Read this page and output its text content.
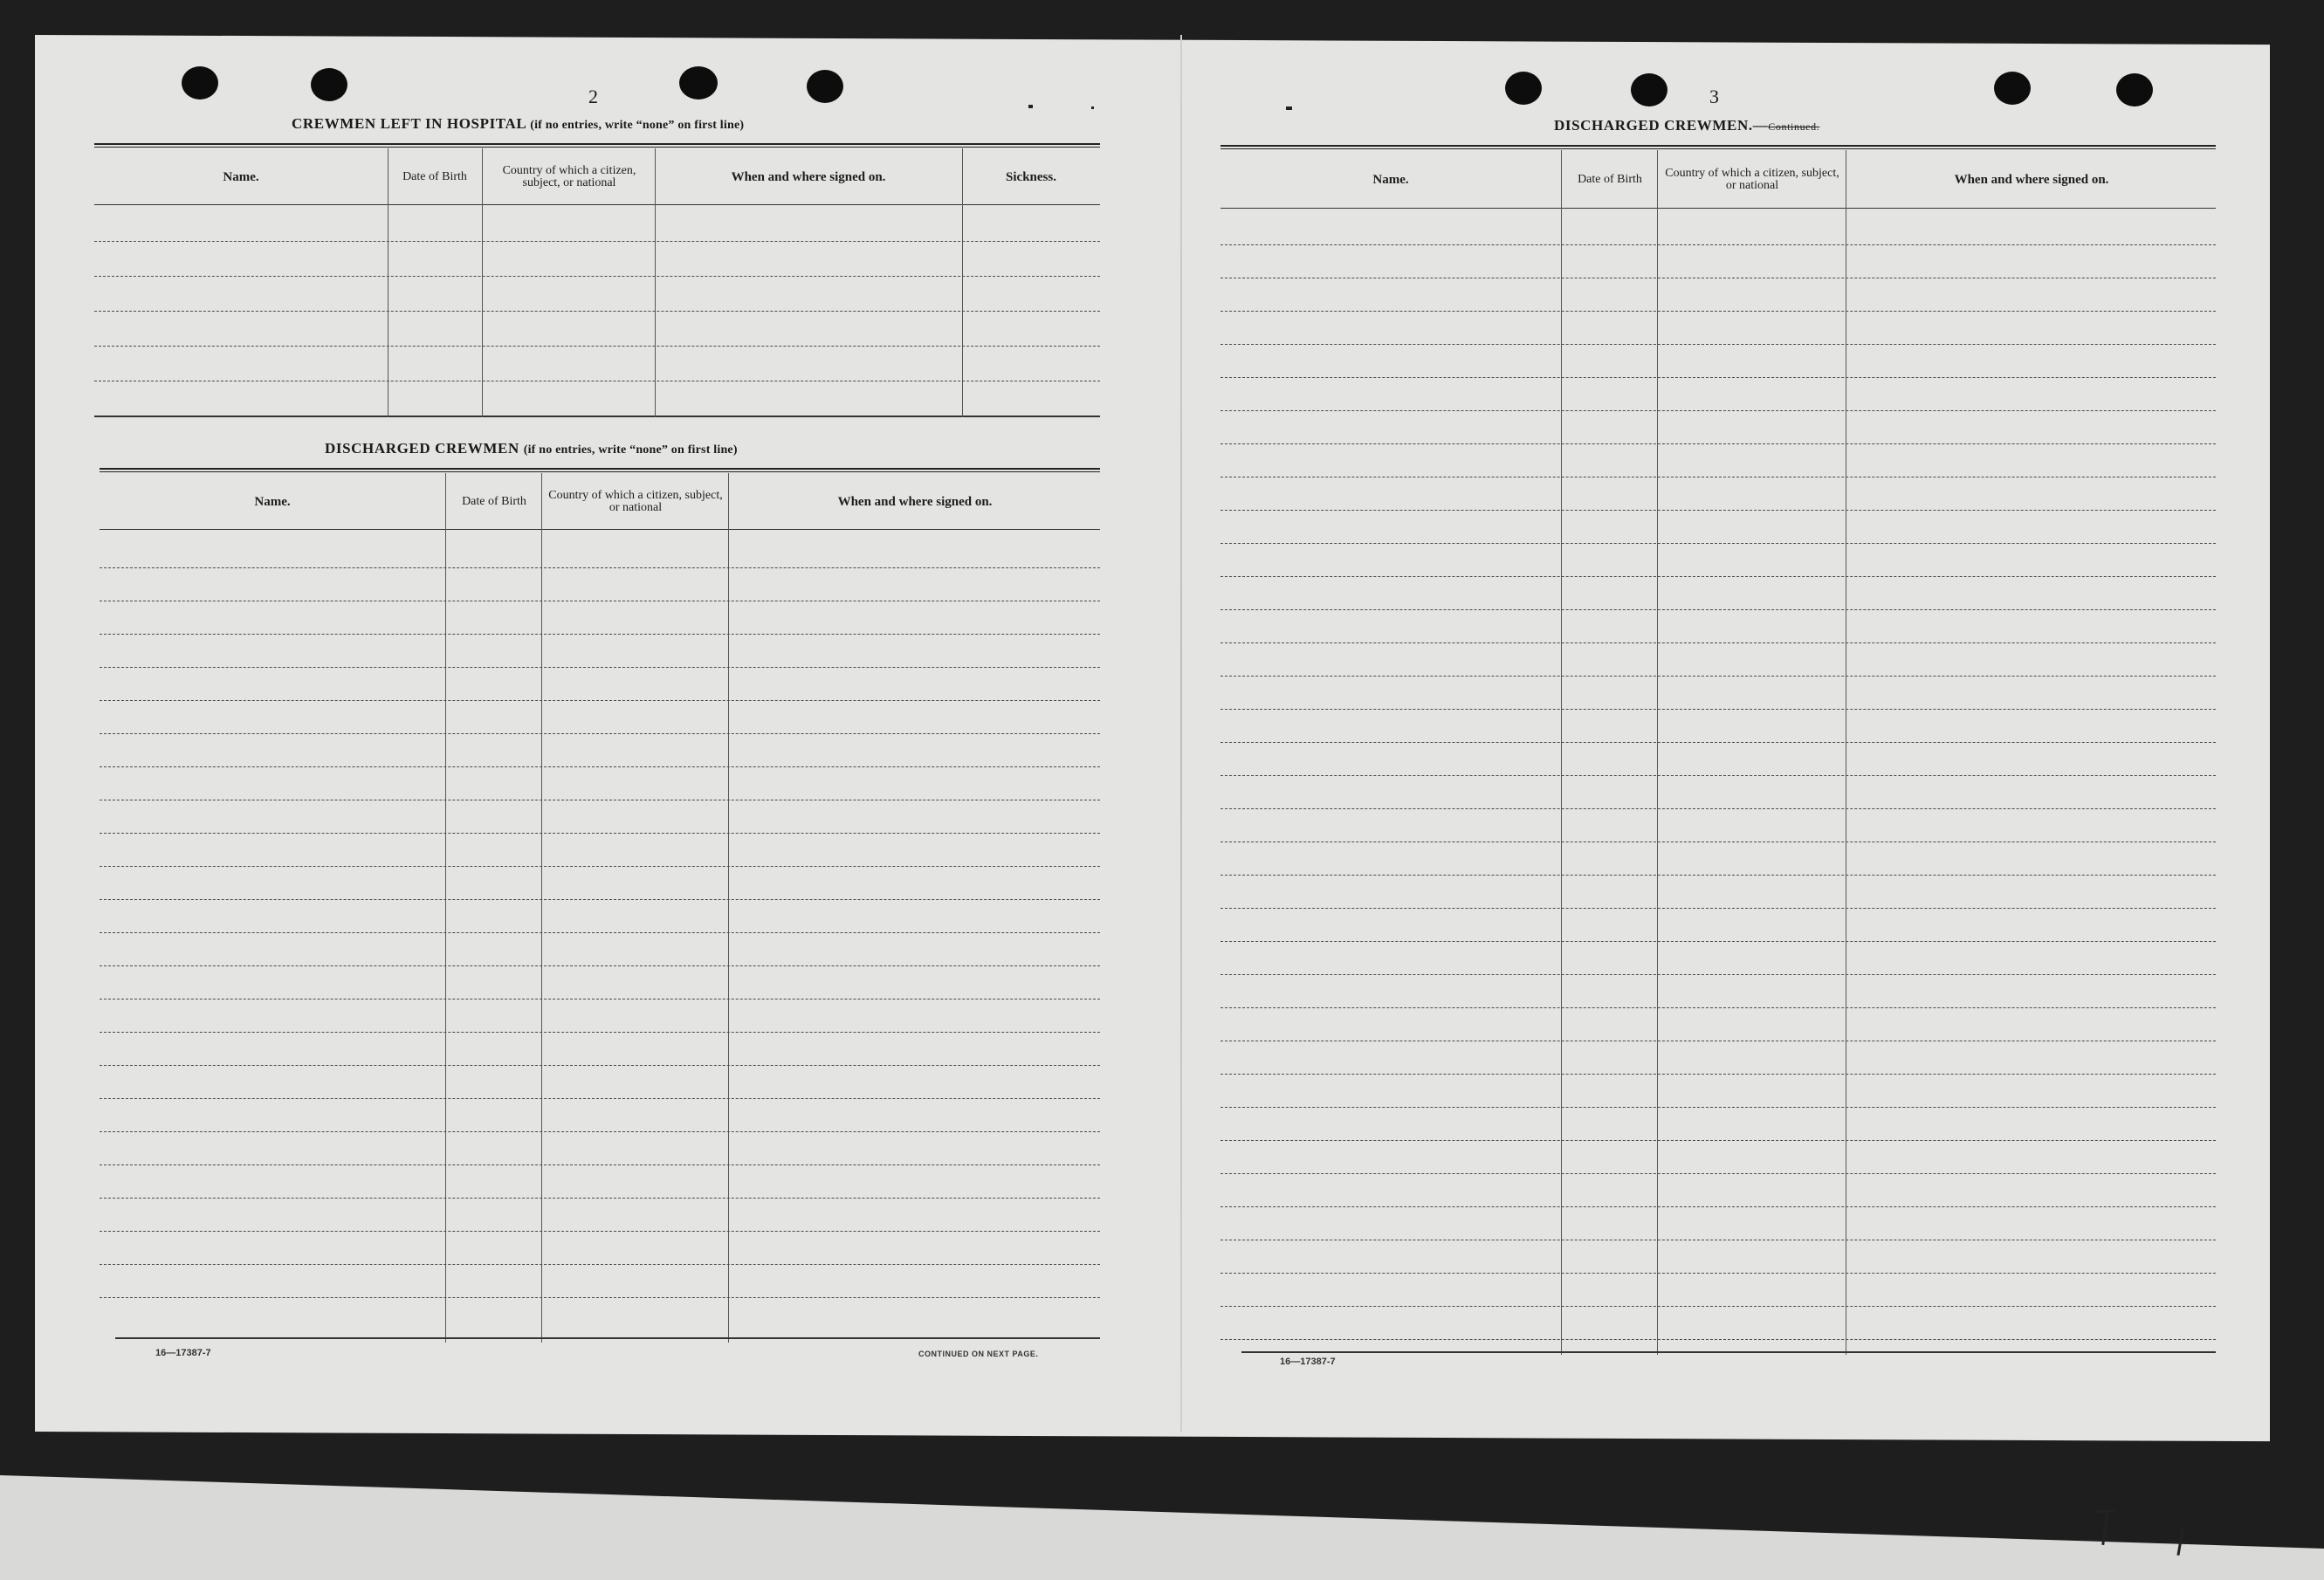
2
CREWMEN LEFT IN HOSPITAL (if no entries, write “none” on first line)
Name.	Date of Birth	Country of which a citizen, subject, or national	When and where signed on.	Sickness.
DISCHARGED CREWMEN (if no entries, write “none” on first line)
Name.	Date of Birth	Country of which a citizen, subject, or national	When and where signed on.
16—17387-7	CONTINUED ON NEXT PAGE.
3
DISCHARGED CREWMEN.—Continued.
Name.	Date of Birth	Country of which a citizen, subject, or national	When and where signed on.
16—17387-7
